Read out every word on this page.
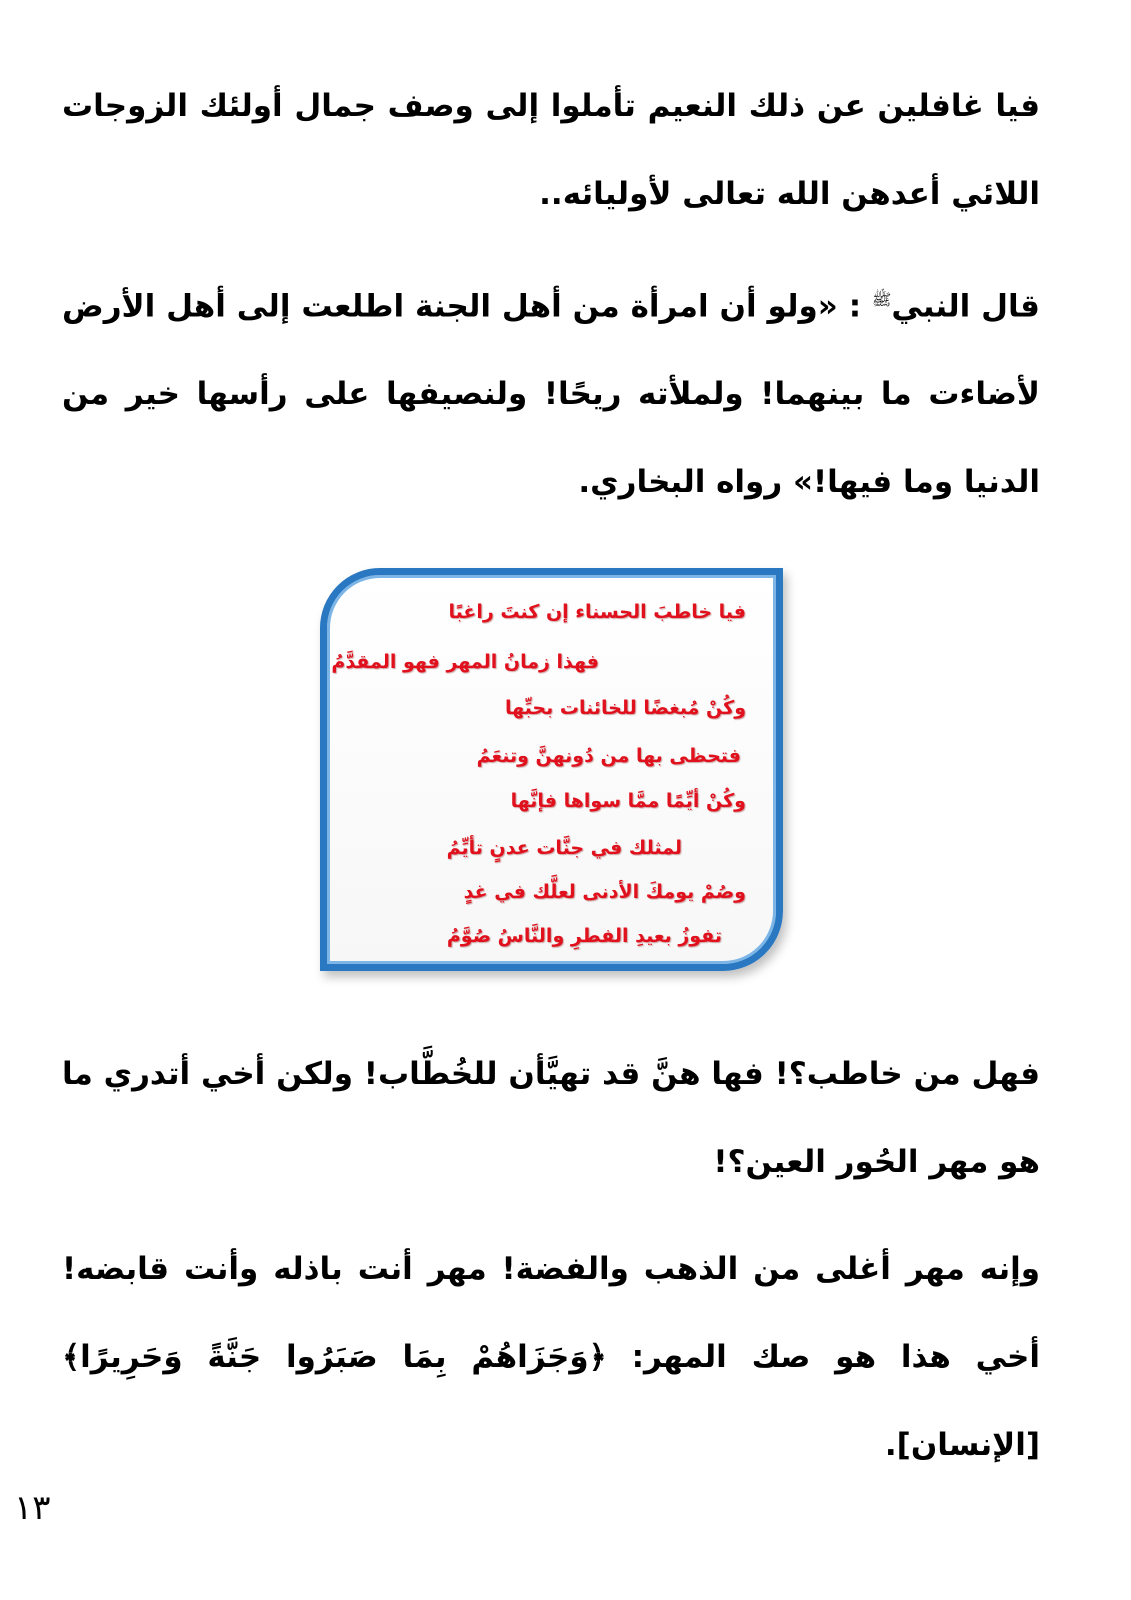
فيا غافلين عن ذلك النعيم تأملوا إلى وصف جمال أولئك الزوجات اللائي أعدهن الله تعالى لأوليائه..

قال النبي$^ﷺ$ : «ولو أن امرأة من أهل الجنة اطلعت إلى أهل الأرض لأضاءت ما بينهما! ولملأته ريحًا! ولنصيفها على رأسها خير من الدنيا وما فيها!» رواه البخاري.

فيا خاطبَ الحسناء إن كنتَ راغبًا
فهذا زمانُ المهر فهو المقدَّمُ
وكُنْ مُبغضًا للخائنات بحبِّها
فتحظى بها من دُونهنَّ وتنعَمُ
وكُنْ أيِّمًا ممَّا سواها فإنَّها
لمثلك في جنَّات عدنٍ تأيِّمُ
وصُمْ يومكَ الأدنى لعلَّك في غدٍ
تفوزُ بعيدِ الفطرِ والنَّاسُ صُوَّمُ

فهل من خاطب؟! فها هنَّ قد تهيَّأن للخُطَّاب! ولكن أخي أتدري ما هو مهر الحُور العين؟!

وإنه مهر أغلى من الذهب والفضة! مهر أنت باذله وأنت قابضه! أخي هذا هو صك المهر: ﴿وَجَزَاهُمْ بِمَا صَبَرُوا جَنَّةً وَحَرِيرًا﴾ [الإنسان].

١٣
